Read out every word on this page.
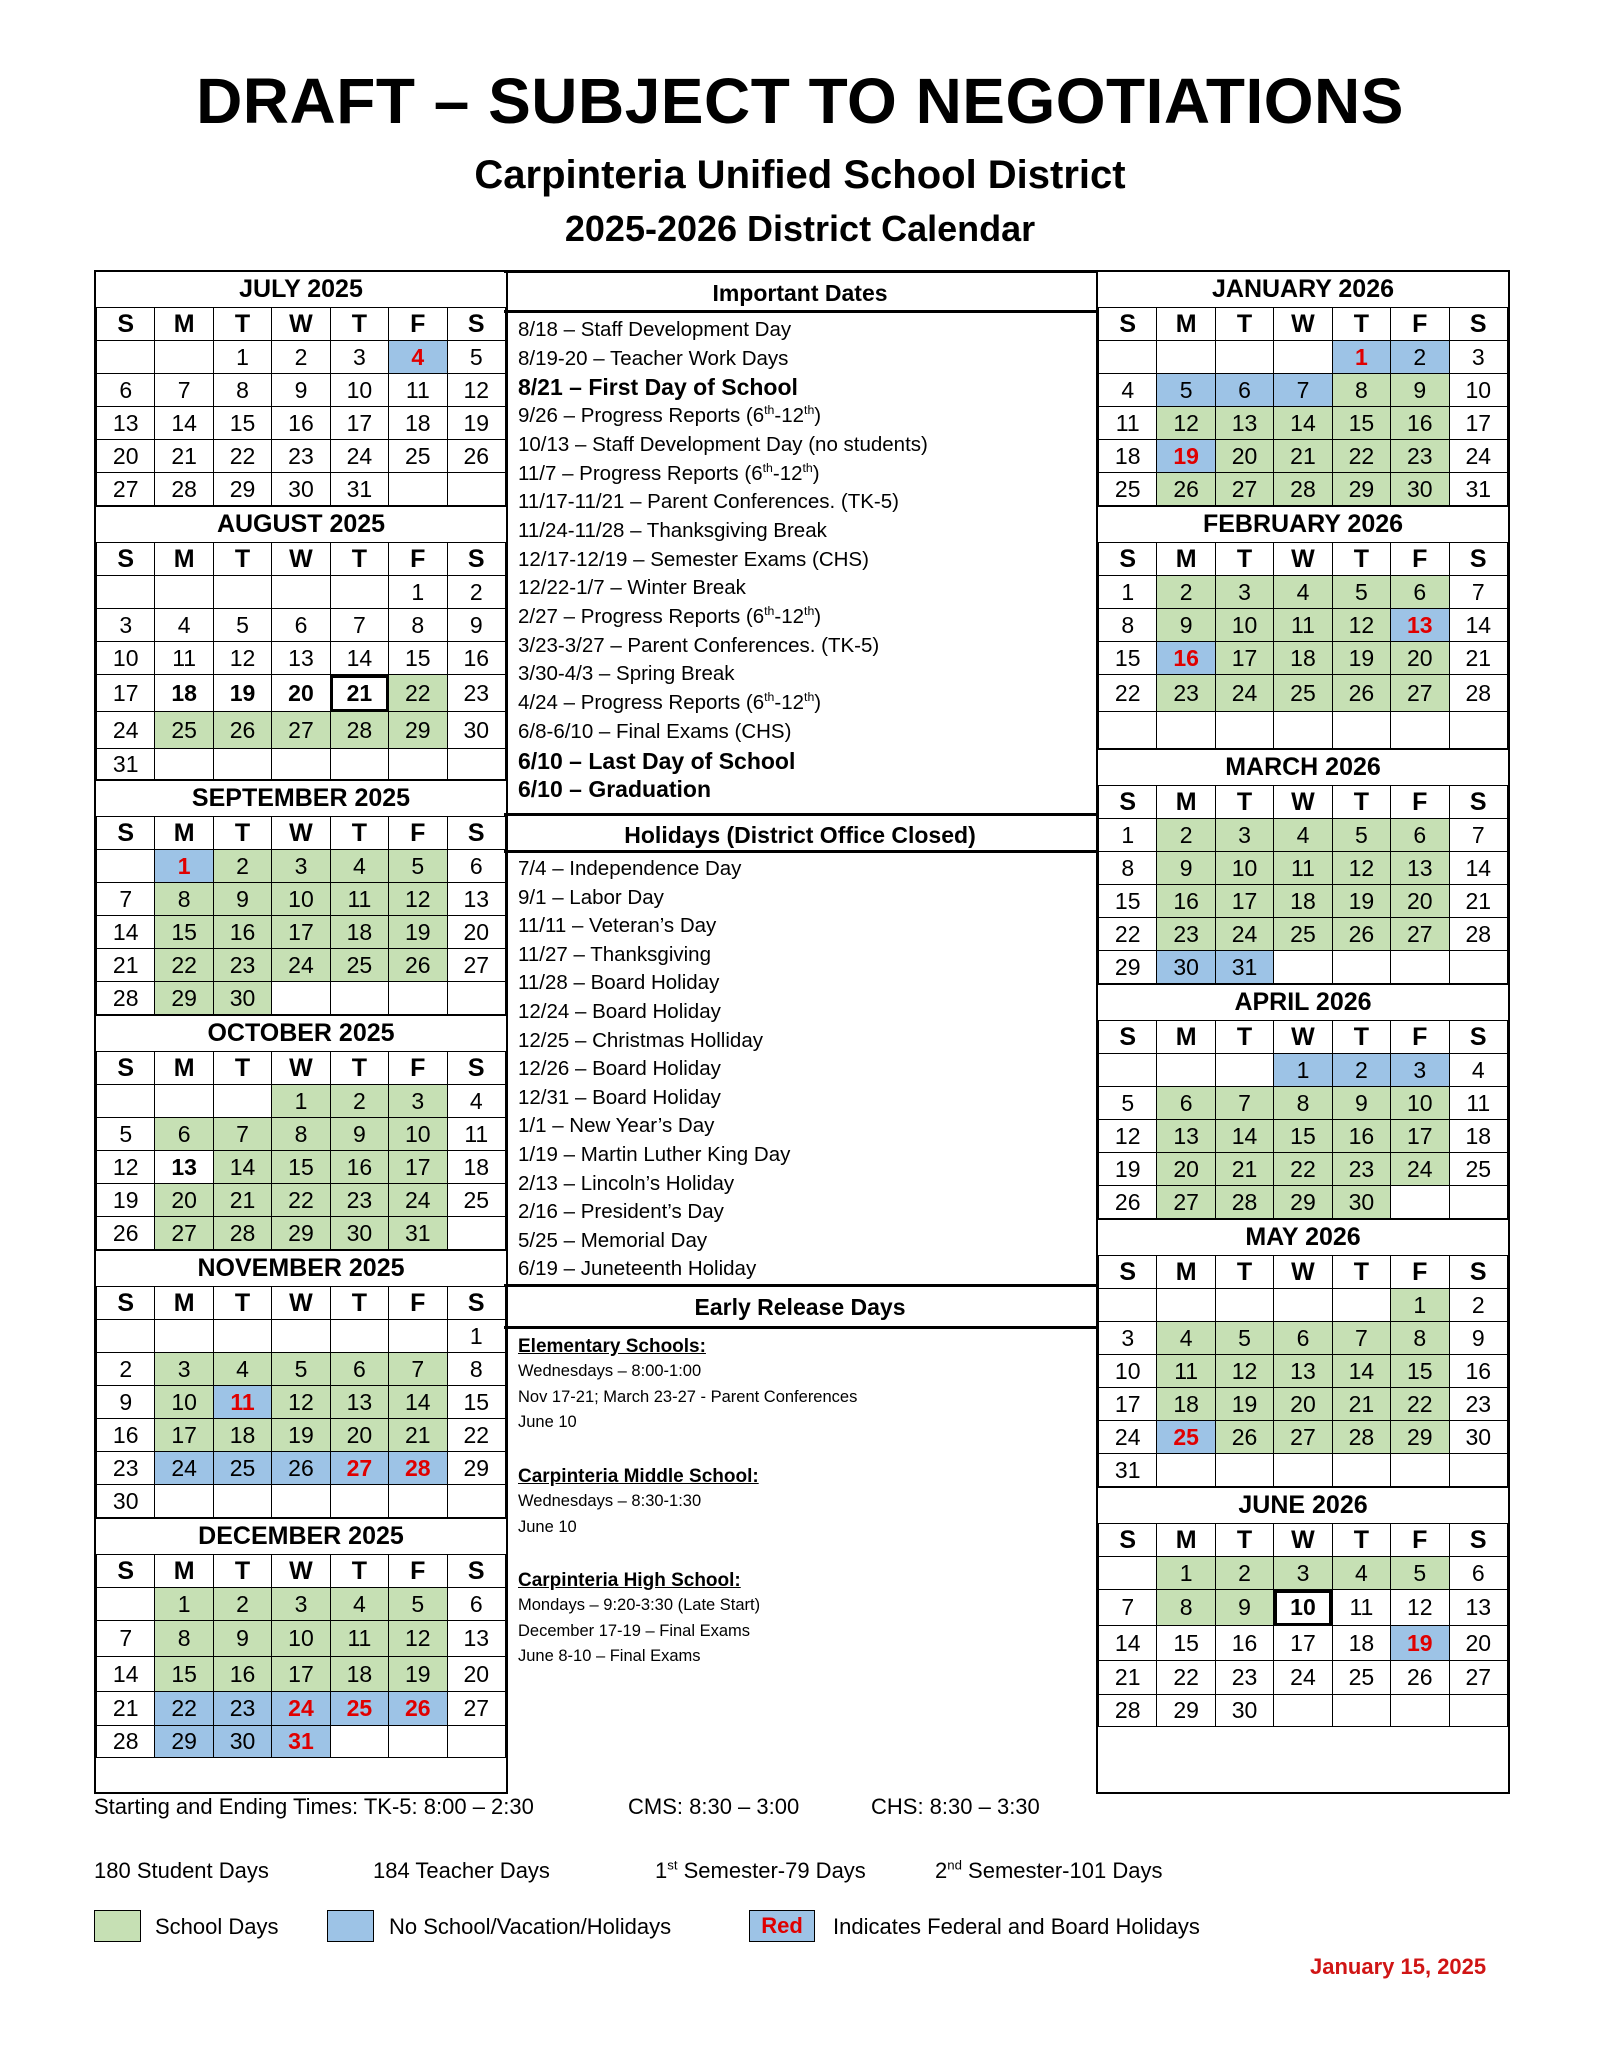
DRAFT – SUBJECT TO NEGOTIATIONS
Carpinteria Unified School District
2025-2026 District Calendar
JULY 2025
S	M	T	W	T	F	S
		1	2	3	4	5
6	7	8	9	10	11	12
13	14	15	16	17	18	19
20	21	22	23	24	25	26
27	28	29	30	31		
AUGUST 2025
S	M	T	W	T	F	S
					1	2
3	4	5	6	7	8	9
10	11	12	13	14	15	16
17	18	19	20	21	22	23
24	25	26	27	28	29	30
31						
SEPTEMBER 2025
S	M	T	W	T	F	S
	1	2	3	4	5	6
7	8	9	10	11	12	13
14	15	16	17	18	19	20
21	22	23	24	25	26	27
28	29	30				
OCTOBER 2025
S	M	T	W	T	F	S
			1	2	3	4
5	6	7	8	9	10	11
12	13	14	15	16	17	18
19	20	21	22	23	24	25
26	27	28	29	30	31	
NOVEMBER 2025
S	M	T	W	T	F	S
						1
2	3	4	5	6	7	8
9	10	11	12	13	14	15
16	17	18	19	20	21	22
23	24	25	26	27	28	29
30						
DECEMBER 2025
S	M	T	W	T	F	S
	1	2	3	4	5	6
7	8	9	10	11	12	13
14	15	16	17	18	19	20
21	22	23	24	25	26	27
28	29	30	31			
JANUARY 2026
S	M	T	W	T	F	S
				1	2	3
4	5	6	7	8	9	10
11	12	13	14	15	16	17
18	19	20	21	22	23	24
25	26	27	28	29	30	31
FEBRUARY 2026
S	M	T	W	T	F	S
1	2	3	4	5	6	7
8	9	10	11	12	13	14
15	16	17	18	19	20	21
22	23	24	25	26	27	28

MARCH 2026
S	M	T	W	T	F	S
1	2	3	4	5	6	7
8	9	10	11	12	13	14
15	16	17	18	19	20	21
22	23	24	25	26	27	28
29	30	31				
APRIL 2026
S	M	T	W	T	F	S
			1	2	3	4
5	6	7	8	9	10	11
12	13	14	15	16	17	18
19	20	21	22	23	24	25
26	27	28	29	30		
MAY 2026
S	M	T	W	T	F	S
					1	2
3	4	5	6	7	8	9
10	11	12	13	14	15	16
17	18	19	20	21	22	23
24	25	26	27	28	29	30
31						
JUNE 2026
S	M	T	W	T	F	S
	1	2	3	4	5	6
7	8	9	10	11	12	13
14	15	16	17	18	19	20
21	22	23	24	25	26	27
28	29	30				
Important Dates
8/18 – Staff Development Day
8/19-20 – Teacher Work Days
8/21 – First Day of School
9/26 – Progress Reports (6th-12th)
10/13 – Staff Development Day (no students)
11/7 – Progress Reports (6th-12th)
11/17-11/21 – Parent Conferences. (TK-5)
11/24-11/28 – Thanksgiving Break
12/17-12/19 – Semester Exams (CHS)
12/22-1/7 – Winter Break
2/27 – Progress Reports (6th-12th)
3/23-3/27 – Parent Conferences. (TK-5)
3/30-4/3 – Spring Break
4/24 – Progress Reports (6th-12th)
6/8-6/10 – Final Exams (CHS)
6/10 – Last Day of School
6/10 – Graduation
Holidays (District Office Closed)
7/4 – Independence Day
9/1 – Labor Day
11/11 – Veteran’s Day
11/27 – Thanksgiving
11/28 – Board Holiday
12/24 – Board Holiday
12/25 – Christmas Holliday
12/26 – Board Holiday
12/31 – Board Holiday
1/1 – New Year’s Day
1/19 – Martin Luther King Day
2/13 – Lincoln’s Holiday
2/16 – President’s Day
5/25 – Memorial Day
6/19 – Juneteenth Holiday
Early Release Days
Elementary Schools:
Wednesdays – 8:00-1:00
Nov 17-21; March 23-27 - Parent Conferences
June 10
Carpinteria Middle School:
Wednesdays – 8:30-1:30
June 10
Carpinteria High School:
Mondays – 9:20-3:30 (Late Start)
December 17-19 – Final Exams
June 8-10 – Final Exams
Starting and Ending Times: TK-5: 8:00 – 2:30	CMS: 8:30 – 3:00	CHS: 8:30 – 3:30
180 Student Days	184 Teacher Days	1st Semester-79 Days	2nd Semester-101 Days
School Days	No School/Vacation/Holidays	Red	Indicates Federal and Board Holidays
January 15, 2025
